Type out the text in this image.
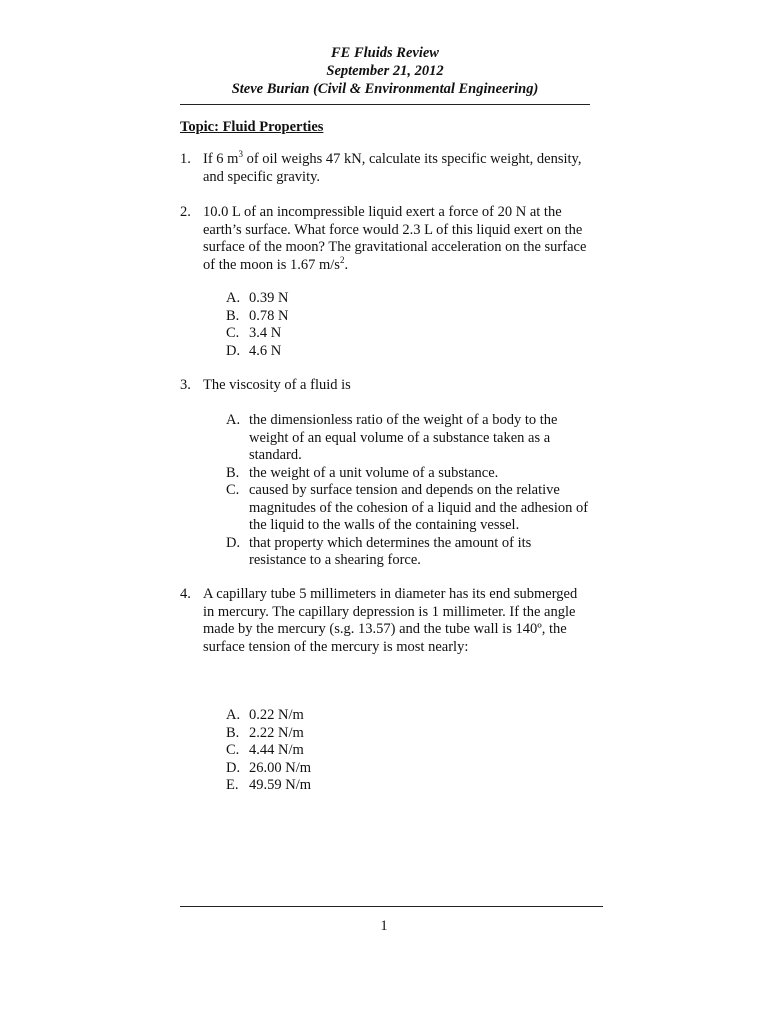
FE Fluids Review
September 21, 2012
Steve Burian (Civil & Environmental Engineering)
Topic: Fluid Properties
1. If 6 $m^3$ of oil weighs 47 kN, calculate its specific weight, density, and specific gravity.
2. 10.0 L of an incompressible liquid exert a force of 20 N at the earth’s surface. What force would 2.3 L of this liquid exert on the surface of the moon? The gravitational acceleration on the surface of the moon is 1.67 $m/s^2$.
A. 0.39 N
B. 0.78 N
C. 3.4 N
D. 4.6 N
3. The viscosity of a fluid is
A. the dimensionless ratio of the weight of a body to the weight of an equal volume of a substance taken as a standard.
B. the weight of a unit volume of a substance.
C. caused by surface tension and depends on the relative magnitudes of the cohesion of a liquid and the adhesion of the liquid to the walls of the containing vessel.
D. that property which determines the amount of its resistance to a shearing force.
4. A capillary tube 5 millimeters in diameter has its end submerged in mercury. The capillary depression is 1 millimeter. If the angle made by the mercury (s.g. 13.57) and the tube wall is 140º, the surface tension of the mercury is most nearly:
A. 0.22 N/m
B. 2.22 N/m
C. 4.44 N/m
D. 26.00 N/m
E. 49.59 N/m
1
